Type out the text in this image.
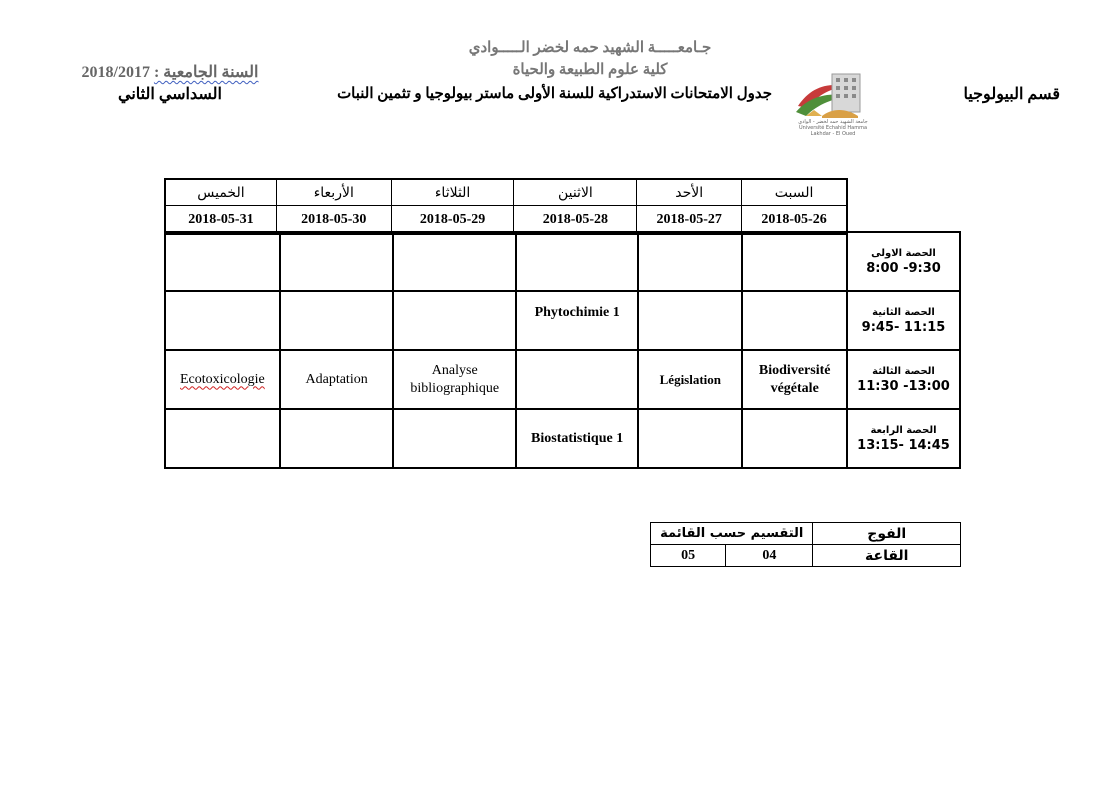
جـامعـــــة الشهيد حمه لخضر الـــــوادي
كلية علوم الطبيعة والحياة
السنة الجامعية : 2018/2017
السداسي الثاني	جدول الامتحانات الاستدراكية للسنة الأولى ماستر بيولوجيا و تثمين النبات	قسم البيولوجيا
جامعة الشهيد حمه لخضر - الوادي
Université Echahid Hamma Lakhdar - El Oued
الخميس	الأربعاء	الثلاثاء	الاثنين	الأحد	السبت
2018-05-31	2018-05-30	2018-05-29	2018-05-28	2018-05-27	2018-05-26

						الحصة الاولى
8:00 -9:30

			Phytochimie 1			الحصة الثانية
9:45- 11:15

Ecotoxicologie	Adaptation	Analyse bibliographique		Législation	Biodiversité végétale	الحصة الثالثة
11:30 -13:00

			Biostatistique 1			الحصة الرابعة
13:15- 14:45
التقسيم حسب القائمة		الفوج
05	04	القاعة
